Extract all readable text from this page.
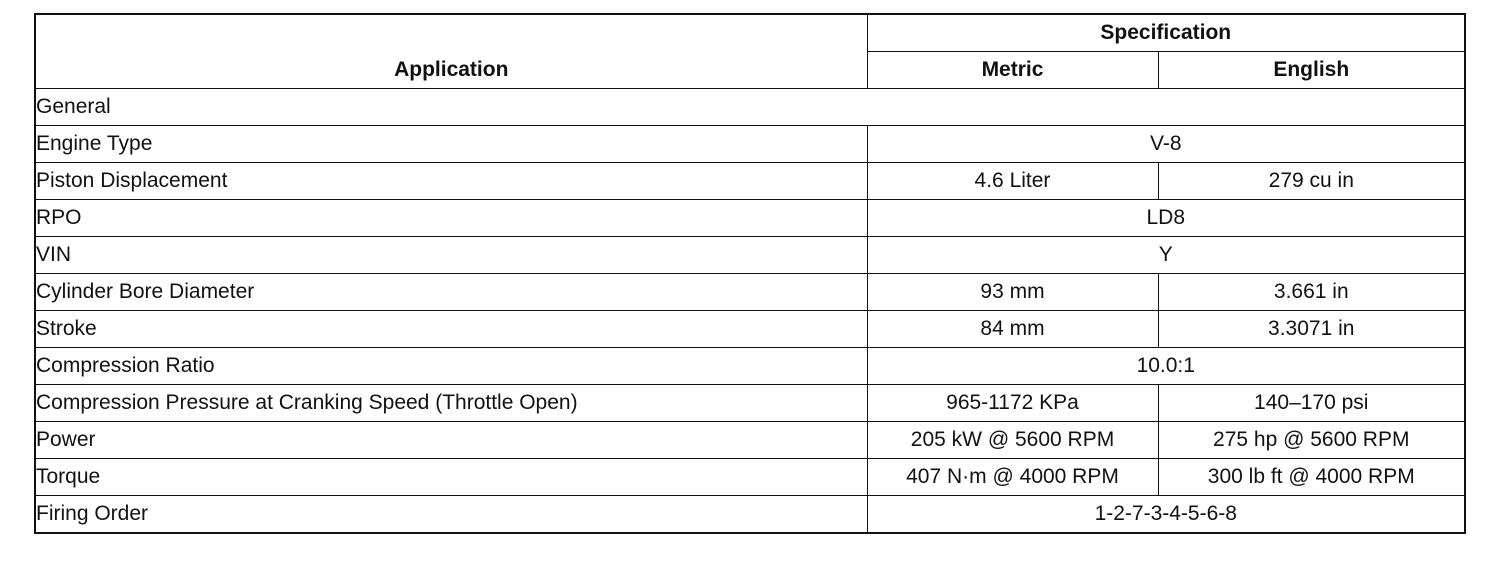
Application	Specification	
	Metric	English
General		
Engine Type	V-8	
Piston Displacement	4.6 Liter	279 cu in
RPO	LD8	
VIN	Y	
Cylinder Bore Diameter	93 mm	3.661 in
Stroke	84 mm	3.3071 in
Compression Ratio	10.0:1	
Compression Pressure at Cranking Speed (Throttle Open)	965-1172 KPa	140–170 psi
Power	205 kW @ 5600 RPM	275 hp @ 5600 RPM
Torque	407 N·m @ 4000 RPM	300 lb ft @ 4000 RPM
Firing Order	1-2-7-3-4-5-6-8	
